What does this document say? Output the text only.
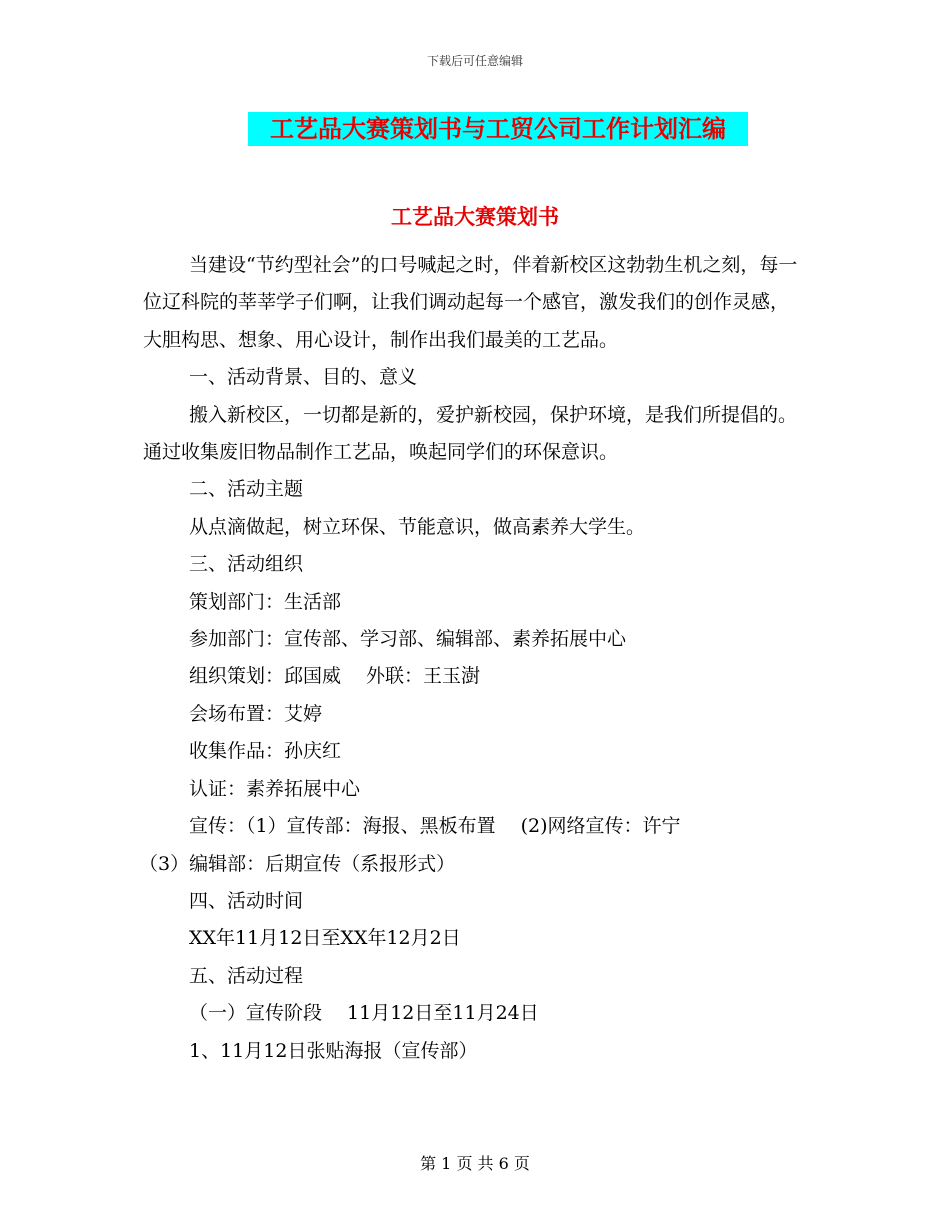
下载后可任意编辑
工艺品大赛策划书与工贸公司工作计划汇编
工艺品大赛策划书

当建设“节约型社会”的口号喊起之时，伴着新校区这勃勃生机之刻，每一位辽科院的莘莘学子们啊，让我们调动起每一个感官，激发我们的创作灵感，大胆构思、想象、用心设计，制作出我们最美的工艺品。

一、活动背景、目的、意义

搬入新校区，一切都是新的，爱护新校园，保护环境，是我们所提倡的。通过收集废旧物品制作工艺品，唤起同学们的环保意识。

二、活动主题

从点滴做起，树立环保、节能意识，做高素养大学生。

三、活动组织

策划部门：生活部

参加部门：宣传部、学习部、编辑部、素养拓展中心

组织策划：邱国威　 外联：王玉澍

会场布置：艾婷

收集作品：孙庆红

认证：素养拓展中心

宣传：（1）宣传部：海报、黑板布置　 (2)网络宣传：许宁

（3）编辑部：后期宣传（系报形式）

四、活动时间

XX年11月12日至XX年12月2日

五、活动过程

（一）宣传阶段　 11月12日至11月24日

1、11月12日张贴海报（宣传部）

第 1 页 共 6 页
